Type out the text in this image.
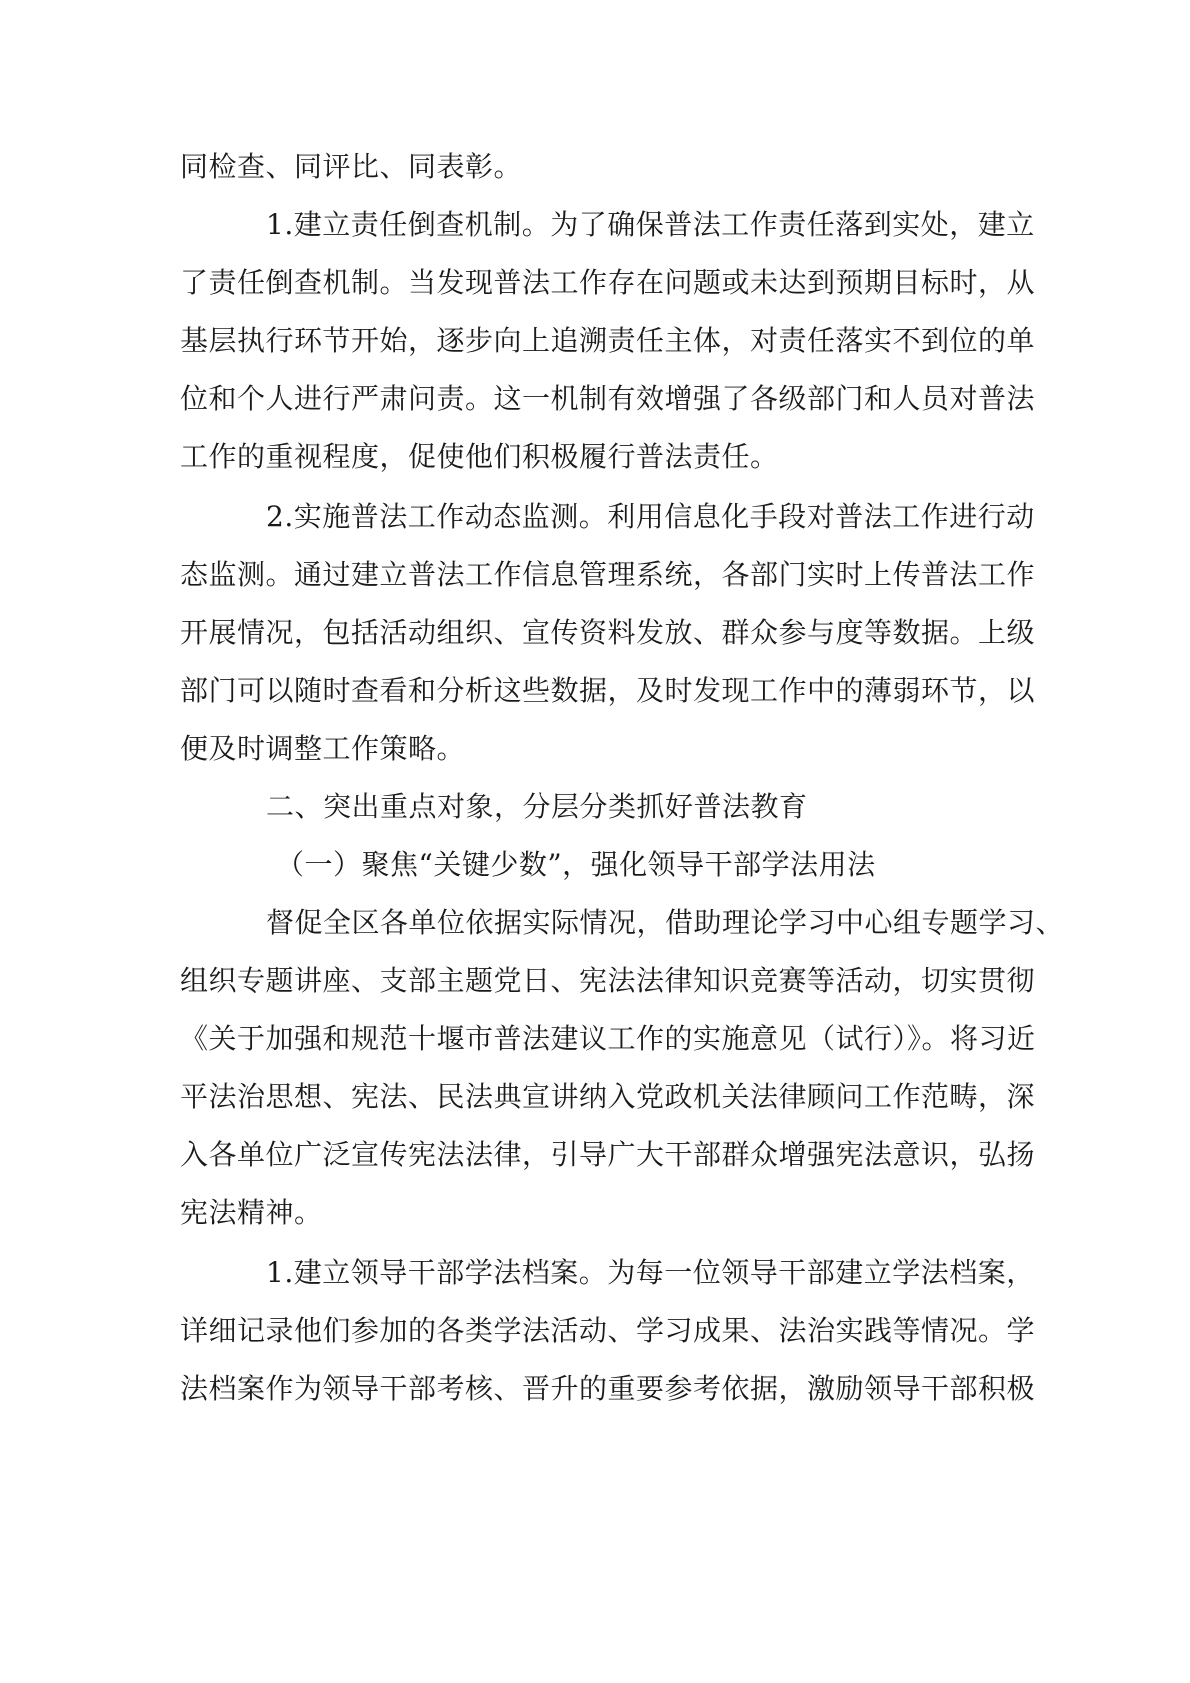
同检查、同评比、同表彰。
1.建立责任倒查机制。为了确保普法工作责任落到实处，建立
了责任倒查机制。当发现普法工作存在问题或未达到预期目标时，从
基层执行环节开始，逐步向上追溯责任主体，对责任落实不到位的单
位和个人进行严肃问责。这一机制有效增强了各级部门和人员对普法
工作的重视程度，促使他们积极履行普法责任。
2.实施普法工作动态监测。利用信息化手段对普法工作进行动
态监测。通过建立普法工作信息管理系统，各部门实时上传普法工作
开展情况，包括活动组织、宣传资料发放、群众参与度等数据。上级
部门可以随时查看和分析这些数据，及时发现工作中的薄弱环节，以
便及时调整工作策略。
二、突出重点对象，分层分类抓好普法教育
（一）聚焦“关键少数”，强化领导干部学法用法
督促全区各单位依据实际情况，借助理论学习中心组专题学习、
组织专题讲座、支部主题党日、宪法法律知识竞赛等活动，切实贯彻
《关于加强和规范十堰市普法建议工作的实施意见（试行）》。将习近
平法治思想、宪法、民法典宣讲纳入党政机关法律顾问工作范畴，深
入各单位广泛宣传宪法法律，引导广大干部群众增强宪法意识，弘扬
宪法精神。
1.建立领导干部学法档案。为每一位领导干部建立学法档案，
详细记录他们参加的各类学法活动、学习成果、法治实践等情况。学
法档案作为领导干部考核、晋升的重要参考依据，激励领导干部积极
